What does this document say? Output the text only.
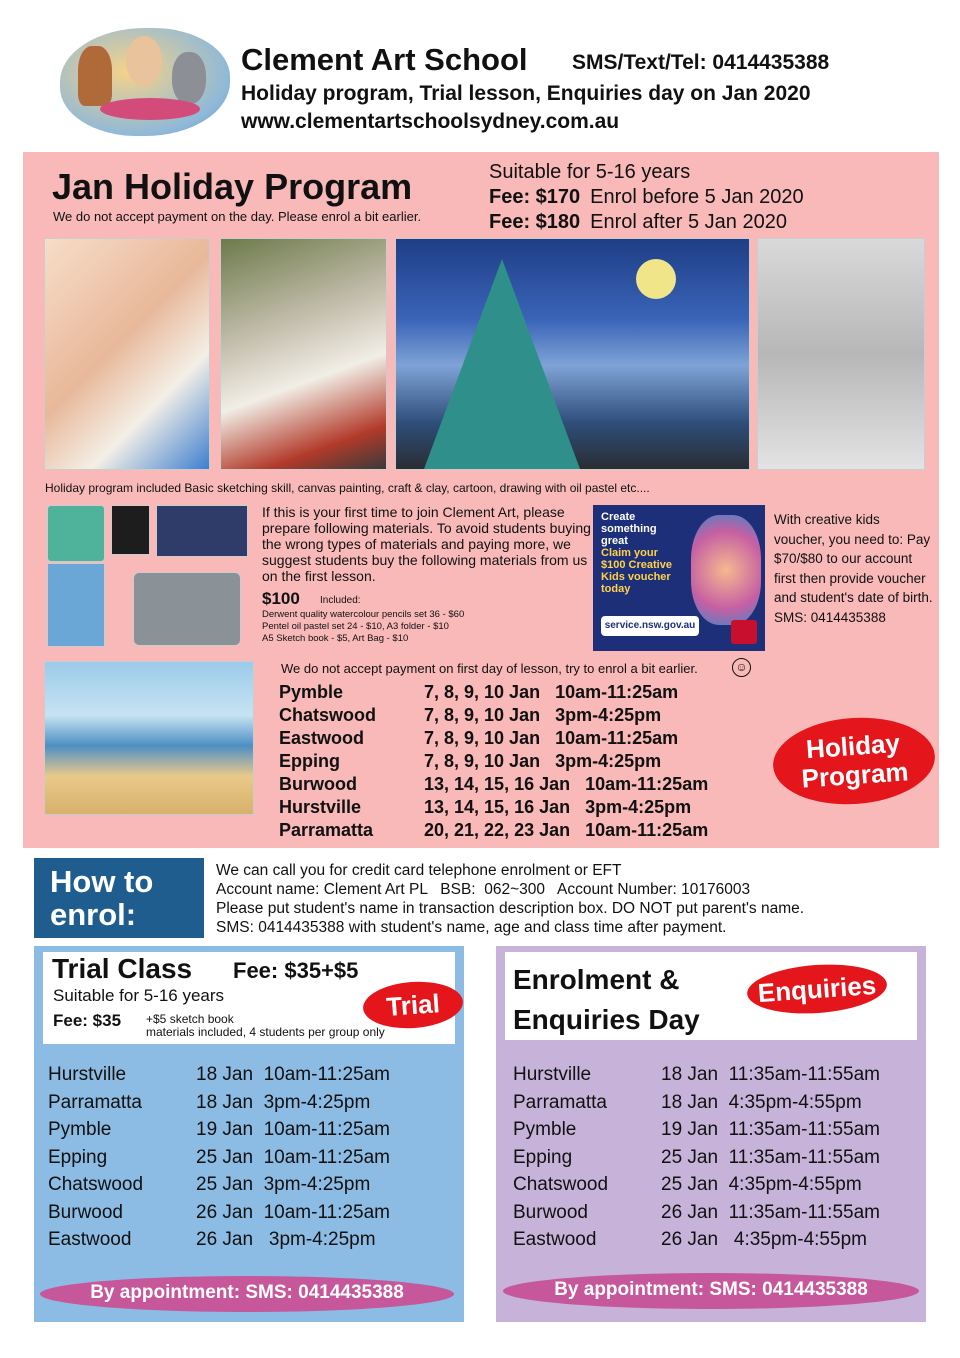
Clement Art School SMS/Text/Tel: 0414435388
Holiday program, Trial lesson, Enquiries day on Jan 2020
www.clementartschoolsydney.com.au
Jan Holiday Program
We do not accept payment on the day. Please enrol a bit earlier.
Suitable for 5-16 years
Fee: $170 Enrol before 5 Jan 2020
Fee: $180 Enrol after 5 Jan 2020
Holiday program included Basic sketching skill, canvas painting, craft & clay, cartoon, drawing with oil pastel etc....
If this is your first time to join Clement Art, please prepare following materials. To avoid students buying the wrong types of materials and paying more, we suggest students buy the following materials from us on the first lesson.
$100 Included:
Derwent quality watercolour pencils set 36 - $60
Pentel oil pastel set 24 - $10, A3 folder - $10
A5 Sketch book - $5, Art Bag - $10
Create
something
great
Claim your
$100 Creative
Kids voucher
today
service.nsw.gov.au
With creative kids voucher, you need to: Pay $70/$80 to our account first then provide voucher and student's date of birth. SMS: 0414435388
We do not accept payment on first day of lesson, try to enrol a bit earlier.	☺
Pymble	7, 8, 9, 10 Jan   10am-11:25am
Chatswood	7, 8, 9, 10 Jan   3pm-4:25pm
Eastwood	7, 8, 9, 10 Jan   10am-11:25am
Epping	7, 8, 9, 10 Jan   3pm-4:25pm
Burwood	13, 14, 15, 16 Jan   10am-11:25am
Hurstville	13, 14, 15, 16 Jan   3pm-4:25pm
Parramatta	20, 21, 22, 23 Jan   10am-11:25am
Holiday
Program
How to
enrol:
We can call you for credit card telephone enrolment or EFT
Account name: Clement Art PL   BSB:  062~300   Account Number: 10176003
Please put student's name in transaction description box. DO NOT put parent's name.
SMS: 0414435388 with student's name, age and class time after payment.
Trial Class Fee: $35+$5
Suitable for 5-16 years
Fee: $35 +$5 sketch book
materials included, 4 students per group only
Trial
Hurstville	18 Jan  10am-11:25am
Parramatta	18 Jan  3pm-4:25pm
Pymble	19 Jan  10am-11:25am
Epping	25 Jan  10am-11:25am
Chatswood	25 Jan  3pm-4:25pm
Burwood	26 Jan  10am-11:25am
Eastwood	26 Jan   3pm-4:25pm
By appointment: SMS: 0414435388
Enrolment &
Enquiries Day
Enquiries
Hurstville	18 Jan  11:35am-11:55am
Parramatta	18 Jan  4:35pm-4:55pm
Pymble	19 Jan  11:35am-11:55am
Epping	25 Jan  11:35am-11:55am
Chatswood	25 Jan  4:35pm-4:55pm
Burwood	26 Jan  11:35am-11:55am
Eastwood	26 Jan   4:35pm-4:55pm
By appointment: SMS: 0414435388
